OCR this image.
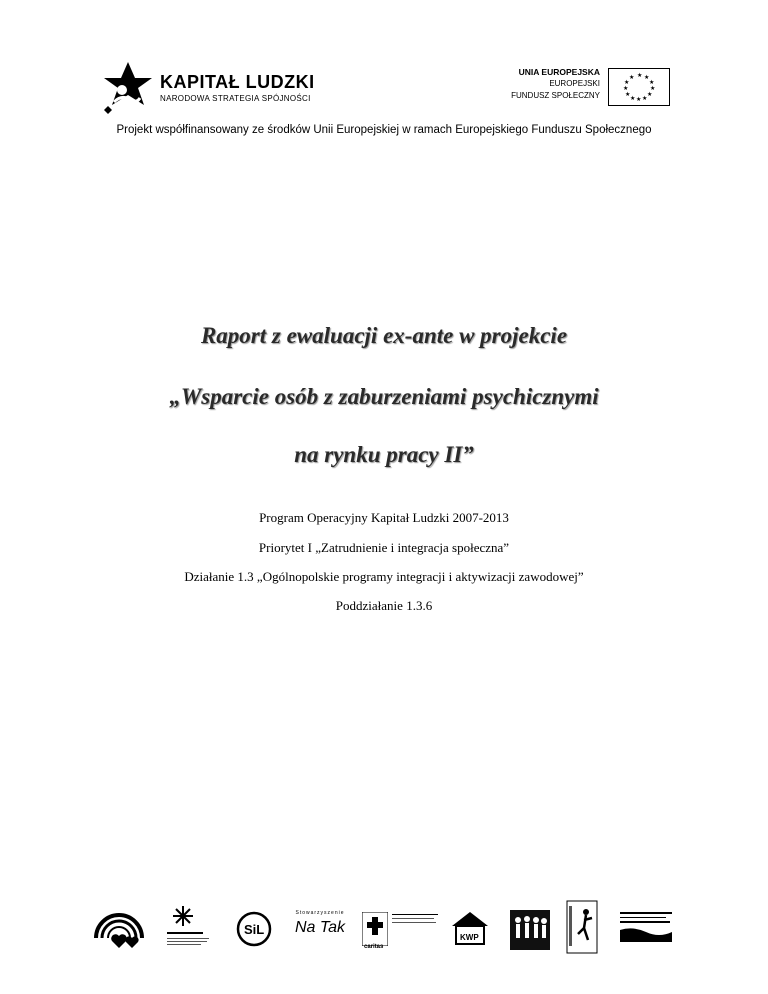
KAPITAŁ LUDZKI
NARODOWA STRATEGIA SPÓJNOŚCI
UNIA EUROPEJSKA
EUROPEJSKI
FUNDUSZ SPOŁECZNY
★ ★
★
★
★
★
★
★
★
★
★
★
Projekt współfinansowany ze środków Unii Europejskiej w ramach Europejskiego Funduszu Społecznego
Raport z ewaluacji ex-ante w projekcie
„Wsparcie osób z zaburzeniami psychicznymi
na rynku pracy II”
Program Operacyjny Kapitał Ludzki 2007-2013
Priorytet I „Zatrudnienie i integracja społeczna”
Działanie 1.3 „Ogólnopolskie programy integracji i aktywizacji zawodowej”
Poddziałanie 1.3.6
SiL
Stowarzyszenie
Na Tak
caritas
KWP
